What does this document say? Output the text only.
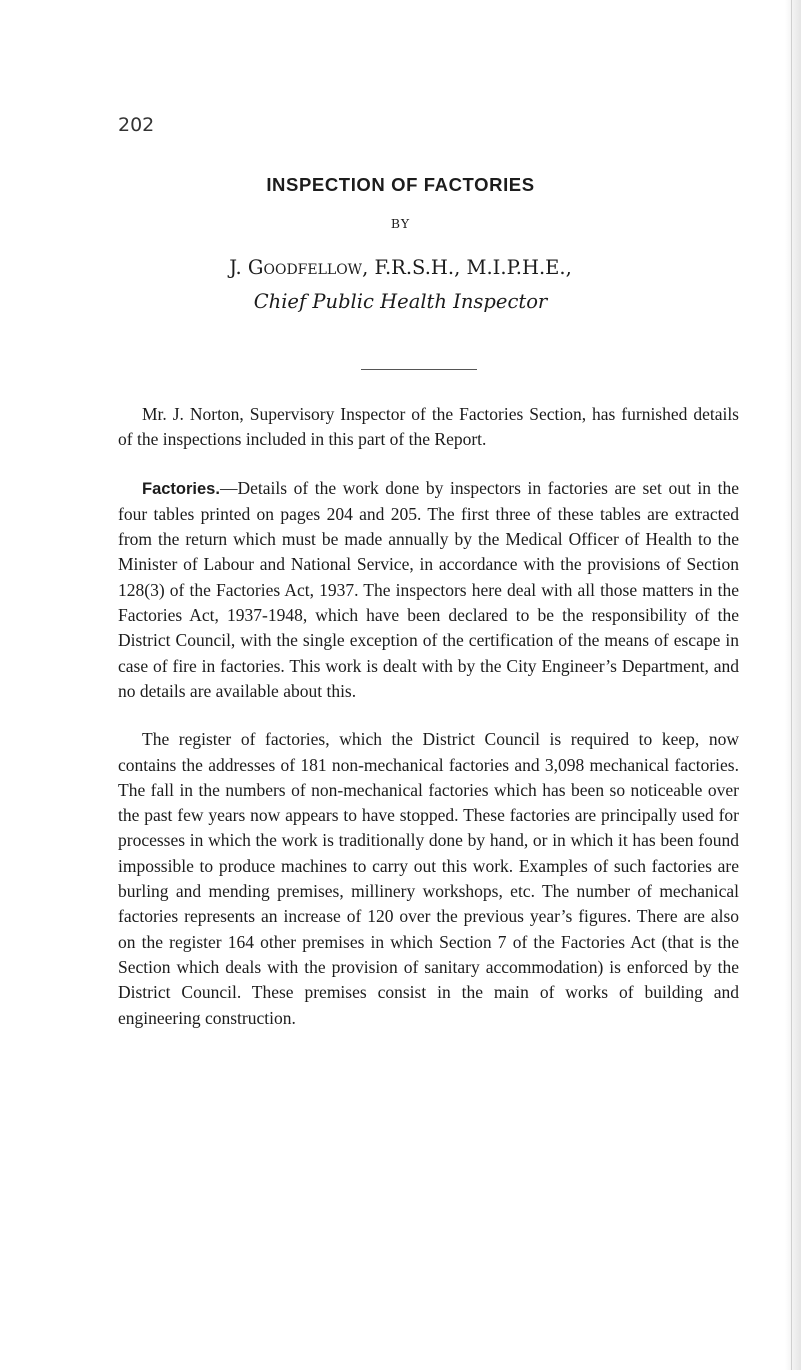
202
INSPECTION OF FACTORIES
BY
J. Goodfellow, F.R.S.H., M.I.P.H.E.,
Chief Public Health Inspector

Mr. J. Norton, Supervisory Inspector of the Factories Section, has furnished details of the inspections included in this part of the Report.

Factories.—Details of the work done by inspectors in factories are set out in the four tables printed on pages 204 and 205. The first three of these tables are extracted from the return which must be made annually by the Medical Officer of Health to the Minister of Labour and National Service, in accordance with the provisions of Section 128(3) of the Factories Act, 1937. The inspectors here deal with all those matters in the Factories Act, 1937-1948, which have been declared to be the responsibility of the District Council, with the single exception of the certification of the means of escape in case of fire in factories. This work is dealt with by the City Engineer’s Department, and no details are available about this.

The register of factories, which the District Council is required to keep, now contains the addresses of 181 non-mechanical factories and 3,098 mechanical factories. The fall in the numbers of non-mechanical factories which has been so noticeable over the past few years now appears to have stopped. These factories are principally used for processes in which the work is traditionally done by hand, or in which it has been found impossible to produce machines to carry out this work. Examples of such factories are burling and mending premises, millinery workshops, etc. The number of mechanical factories represents an increase of 120 over the previous year’s figures. There are also on the register 164 other premises in which Section 7 of the Factories Act (that is the Section which deals with the provision of sanitary accommodation) is enforced by the District Council. These premises consist in the main of works of building and engineering construction.
